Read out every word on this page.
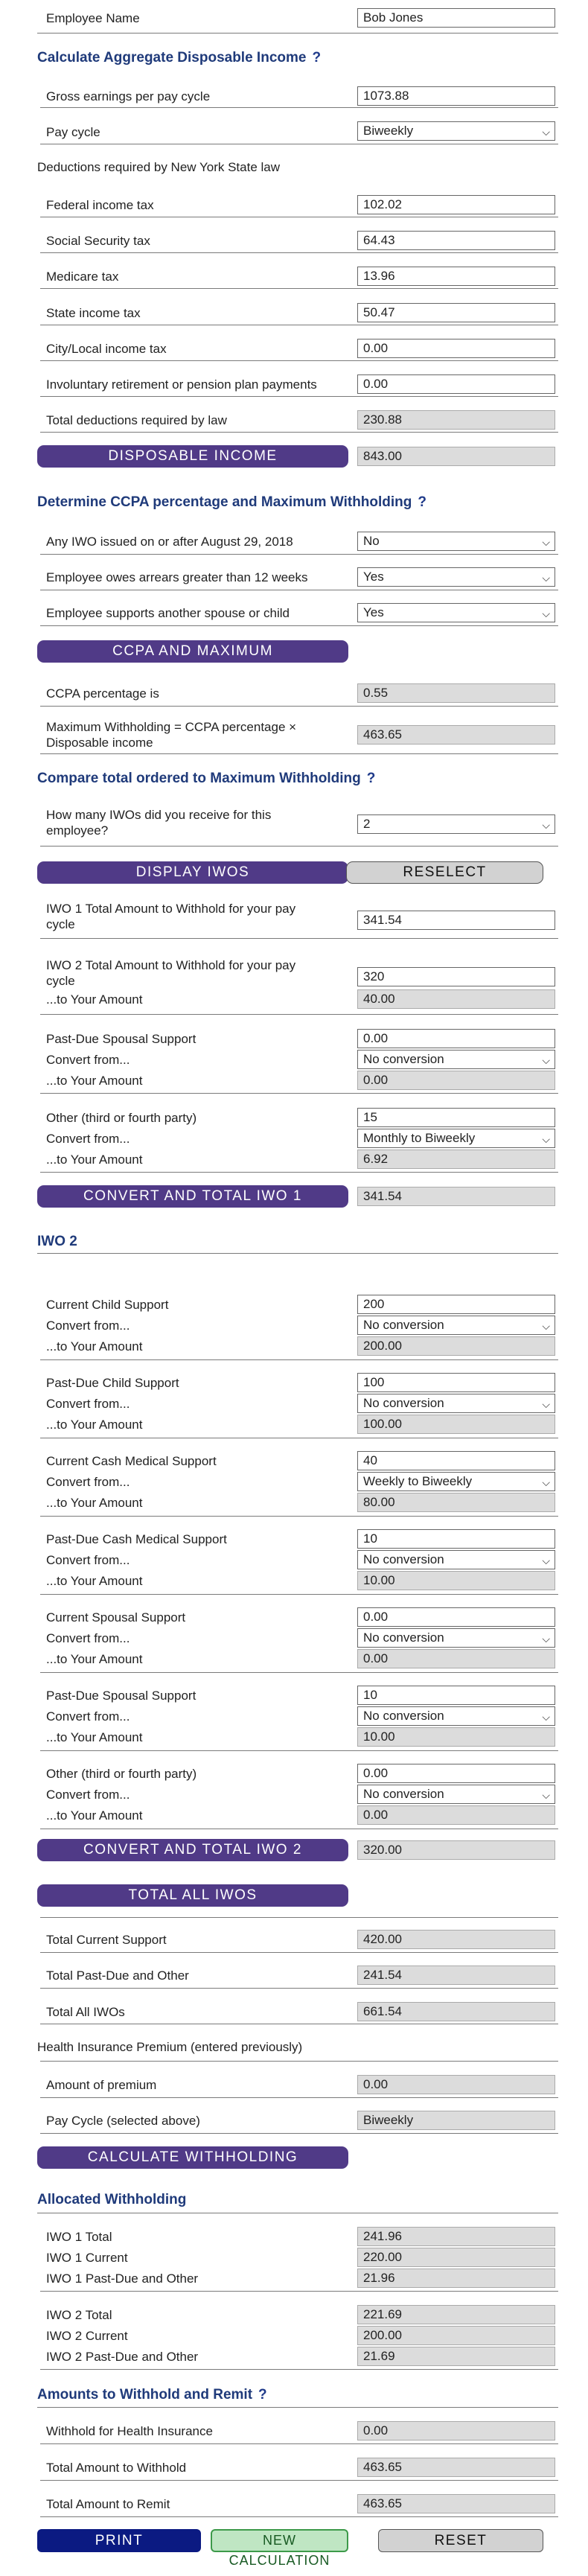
Employee Name	Bob Jones
Calculate Aggregate Disposable Income ?
Gross earnings per pay cycle	1073.88
Pay cycle	Biweekly	⌵
Deductions required by New York State law
Federal income tax	102.02
Social Security tax	64.43
Medicare tax	13.96
State income tax	50.47
City/Local income tax	0.00
Involuntary retirement or pension plan payments	0.00
Total deductions required by law	230.88
DISPOSABLE INCOME	843.00
Determine CCPA percentage and Maximum Withholding ?
Any IWO issued on or after August 29, 2018	No	⌵
Employee owes arrears greater than 12 weeks	Yes	⌵
Employee supports another spouse or child	Yes	⌵
CCPA AND MAXIMUM
CCPA percentage is	0.55
Maximum Withholding = CCPA percentage ×
Disposable income
463.65
Compare total ordered to Maximum Withholding ?
How many IWOs did you receive for this
employee?	2	⌵
DISPLAY IWOS	RESELECT
IWO 1 Total Amount to Withhold for your pay
cycle	341.54
IWO 2 Total Amount to Withhold for your pay
cycle	320
...to Your Amount	40.00
Past-Due Spousal Support	0.00
Convert from...	No conversion	⌵
...to Your Amount	0.00
Other (third or fourth party)	15
Convert from...	Monthly to Biweekly	⌵
...to Your Amount	6.92
CONVERT AND TOTAL IWO 1	341.54
IWO 2
Current Child Support	200
Convert from...	No conversion	⌵
...to Your Amount	200.00
Past-Due Child Support	100
Convert from...	No conversion	⌵
...to Your Amount	100.00
Current Cash Medical Support	40
Convert from...	Weekly to Biweekly	⌵
...to Your Amount	80.00
Past-Due Cash Medical Support	10
Convert from...	No conversion	⌵
...to Your Amount	10.00
Current Spousal Support	0.00
Convert from...	No conversion	⌵
...to Your Amount	0.00
Past-Due Spousal Support	10
Convert from...	No conversion	⌵
...to Your Amount	10.00
Other (third or fourth party)	0.00
Convert from...	No conversion	⌵
...to Your Amount	0.00
CONVERT AND TOTAL IWO 2	320.00
TOTAL ALL IWOS
Total Current Support	420.00
Total Past-Due and Other	241.54
Total All IWOs	661.54
Health Insurance Premium (entered previously)
Amount of premium	0.00
Pay Cycle (selected above)	Biweekly
CALCULATE WITHHOLDING
Allocated Withholding
IWO 1 Total	241.96
IWO 1 Current	220.00
IWO 1 Past-Due and Other	21.96
IWO 2 Total	221.69
IWO 2 Current	200.00
IWO 2 Past-Due and Other	21.69
Amounts to Withhold and Remit ?
Withhold for Health Insurance	0.00
Total Amount to Withhold	463.65
Total Amount to Remit	463.65
PRINT	NEW CALCULATION
RESET
